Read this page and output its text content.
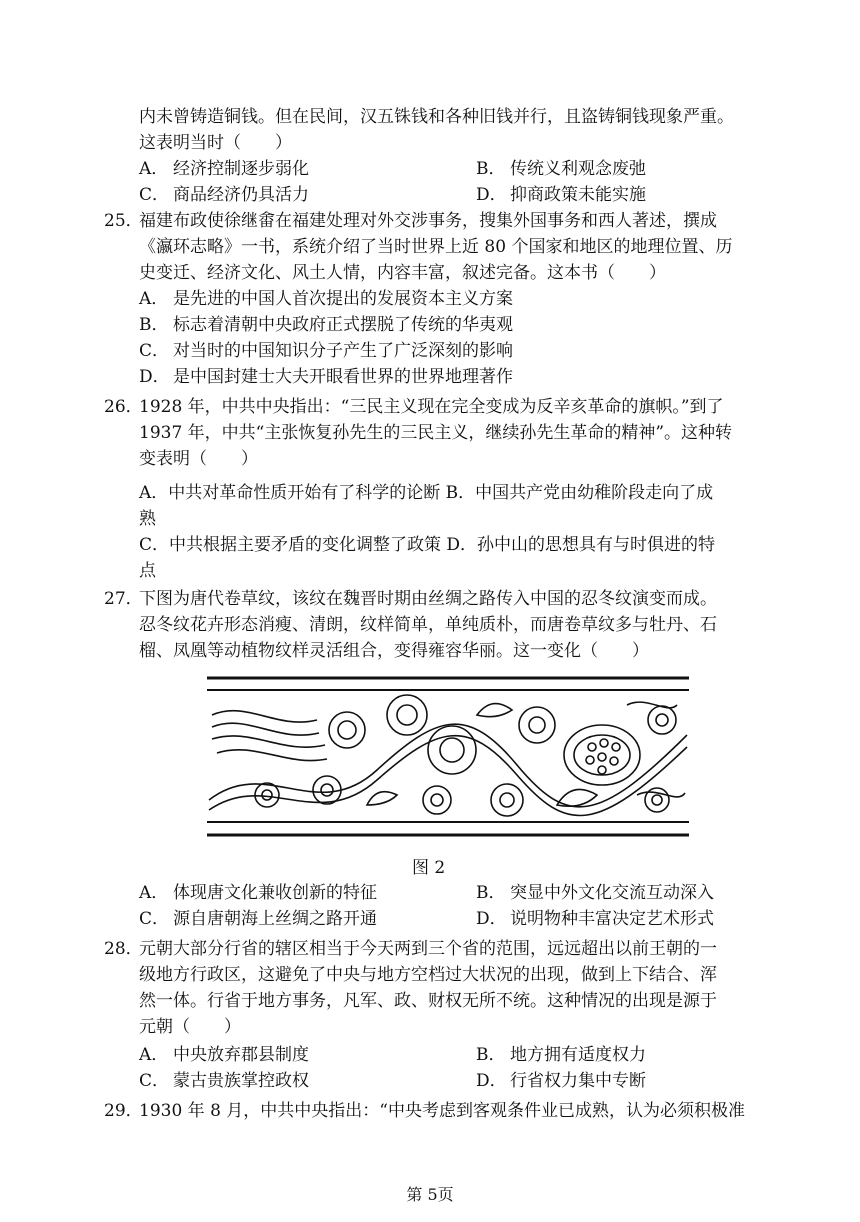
内未曾铸造铜钱。但在民间，汉五铢钱和各种旧钱并行，且盗铸铜钱现象严重。
这表明当时（　　）
A． 经济控制逐步弱化	B． 传统义利观念废弛
C． 商品经济仍具活力	D． 抑商政策未能实施
25．
福建布政使徐继畬在福建处理对外交涉事务，搜集外国事务和西人著述，撰成
《瀛环志略》一书，系统介绍了当时世界上近 80 个国家和地区的地理位置、历
史变迁、经济文化、风土人情，内容丰富，叙述完备。这本书（　　）
A． 是先进的中国人首次提出的发展资本主义方案
B． 标志着清朝中央政府正式摆脱了传统的华夷观
C． 对当时的中国知识分子产生了广泛深刻的影响
D． 是中国封建士大夫开眼看世界的世界地理著作
26．
1928 年，中共中央指出：“三民主义现在完全变成为反辛亥革命的旗帜。”到了
1937 年，中共“主张恢复孙先生的三民主义，继续孙先生革命的精神”。这种转
变表明（　　）
A．中共对革命性质开始有了科学的论断 B．中国共产党由幼稚阶段走向了成
熟
C．中共根据主要矛盾的变化调整了政策 D．孙中山的思想具有与时俱进的特
点
27．
下图为唐代卷草纹，该纹在魏晋时期由丝绸之路传入中国的忍冬纹演变而成。
忍冬纹花卉形态消瘦、清朗，纹样简单，单纯质朴，而唐卷草纹多与牡丹、石
榴、凤凰等动植物纹样灵活组合，变得雍容华丽。这一变化（　　）
图 2
A． 体现唐文化兼收创新的特征	B． 突显中外文化交流互动深入
C． 源自唐朝海上丝绸之路开通	D． 说明物种丰富决定艺术形式
28．
元朝大部分行省的辖区相当于今天两到三个省的范围，远远超出以前王朝的一
级地方行政区，这避免了中央与地方空档过大状况的出现，做到上下结合、浑
然一体。行省于地方事务，凡军、政、财权无所不统。这种情况的出现是源于
元朝（　　）
A． 中央放弃郡县制度	B． 地方拥有适度权力
C． 蒙古贵族掌控政权	D． 行省权力集中专断
29．
1930 年 8 月，中共中央指出：“中央考虑到客观条件业已成熟，认为必须积极准
第 5页
